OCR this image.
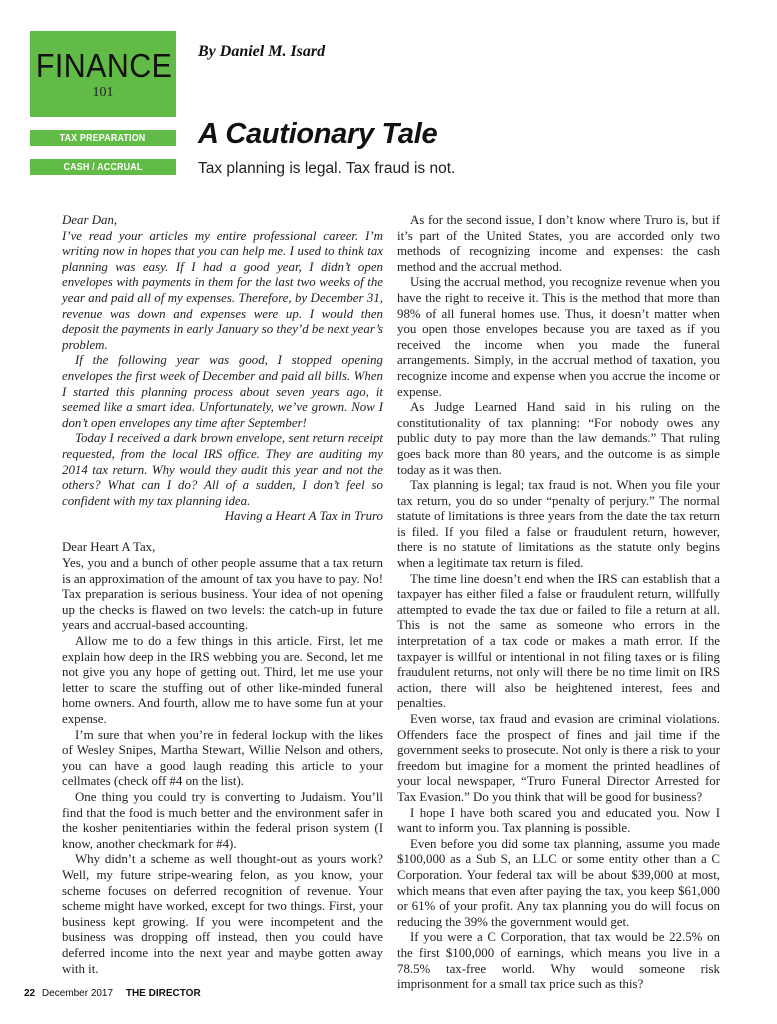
FINANCE
101
TAX PREPARATION
CASH / ACCRUAL METHODS
By Daniel M. Isard
A Cautionary Tale
Tax planning is legal. Tax fraud is not.

Dear Dan,

I’ve read your articles my entire professional career. I’m writing now in hopes that you can help me. I used to think tax planning was easy. If I had a good year, I didn’t open envelopes with payments in them for the last two weeks of the year and paid all of my expenses. Therefore, by December 31, revenue was down and expenses were up. I would then deposit the payments in early January so they’d be next year’s problem.

If the following year was good, I stopped opening envelopes the first week of December and paid all bills. When I started this planning process about seven years ago, it seemed like a smart idea. Unfortunately, we’ve grown. Now I don’t open envelopes any time after September!

Today I received a dark brown envelope, sent return receipt requested, from the local IRS office. They are auditing my 2014 tax return. Why would they audit this year and not the others? What can I do? All of a sudden, I don’t feel so confident with my tax planning idea.

Having a Heart A Tax in Truro

Dear Heart A Tax,

Yes, you and a bunch of other people assume that a tax return is an approximation of the amount of tax you have to pay. No! Tax preparation is serious business. Your idea of not opening up the checks is flawed on two levels: the catch-up in future years and accrual-based accounting.

Allow me to do a few things in this article. First, let me explain how deep in the IRS webbing you are. Second, let me not give you any hope of getting out. Third, let me use your letter to scare the stuffing out of other like-minded funeral home owners. And fourth, allow me to have some fun at your expense.

I’m sure that when you’re in federal lockup with the likes of Wesley Snipes, Martha Stewart, Willie Nelson and others, you can have a good laugh reading this article to your cellmates (check off #4 on the list).

One thing you could try is converting to Judaism. You’ll find that the food is much better and the environment safer in the kosher penitentiaries within the federal prison system (I know, another checkmark for #4).

Why didn’t a scheme as well thought-out as yours work? Well, my future stripe-wearing felon, as you know, your scheme focuses on deferred recognition of revenue. Your scheme might have worked, except for two things. First, your business kept growing. If you were incompetent and the business was dropping off instead, then you could have deferred income into the next year and maybe gotten away with it.

As for the second issue, I don’t know where Truro is, but if it’s part of the United States, you are accorded only two methods of recognizing income and expenses: the cash method and the accrual method.

Using the accrual method, you recognize revenue when you have the right to receive it. This is the method that more than 98% of all funeral homes use. Thus, it doesn’t matter when you open those envelopes because you are taxed as if you received the income when you made the funeral arrangements. Simply, in the accrual method of taxation, you recognize income and expense when you accrue the income or expense.

As Judge Learned Hand said in his ruling on the constitutionality of tax planning: “For nobody owes any public duty to pay more than the law demands.” That ruling goes back more than 80 years, and the outcome is as simple today as it was then.

Tax planning is legal; tax fraud is not. When you file your tax return, you do so under “penalty of perjury.” The normal statute of limitations is three years from the date the tax return is filed. If you filed a false or fraudulent return, however, there is no statute of limitations as the statute only begins when a legitimate tax return is filed.

The time line doesn’t end when the IRS can establish that a taxpayer has either filed a false or fraudulent return, willfully attempted to evade the tax due or failed to file a return at all. This is not the same as someone who errors in the interpretation of a tax code or makes a math error. If the taxpayer is willful or intentional in not filing taxes or is filing fraudulent returns, not only will there be no time limit on IRS action, there will also be heightened interest, fees and penalties.

Even worse, tax fraud and evasion are criminal violations. Offenders face the prospect of fines and jail time if the government seeks to prosecute. Not only is there a risk to your freedom but imagine for a moment the printed headlines of your local newspaper, “Truro Funeral Director Arrested for Tax Evasion.” Do you think that will be good for business?

I hope I have both scared you and educated you. Now I want to inform you. Tax planning is possible.

Even before you did some tax planning, assume you made $100,000 as a Sub S, an LLC or some entity other than a C Corporation. Your federal tax will be about $39,000 at most, which means that even after paying the tax, you keep $61,000 or 61% of your profit. Any tax planning you do will focus on reducing the 39% the government would get.

If you were a C Corporation, that tax would be 22.5% on the first $100,000 of earnings, which means you live in a 78.5% tax-free world. Why would someone risk imprisonment for a small tax price such as this?

22 December 2017 THE DIRECTOR
